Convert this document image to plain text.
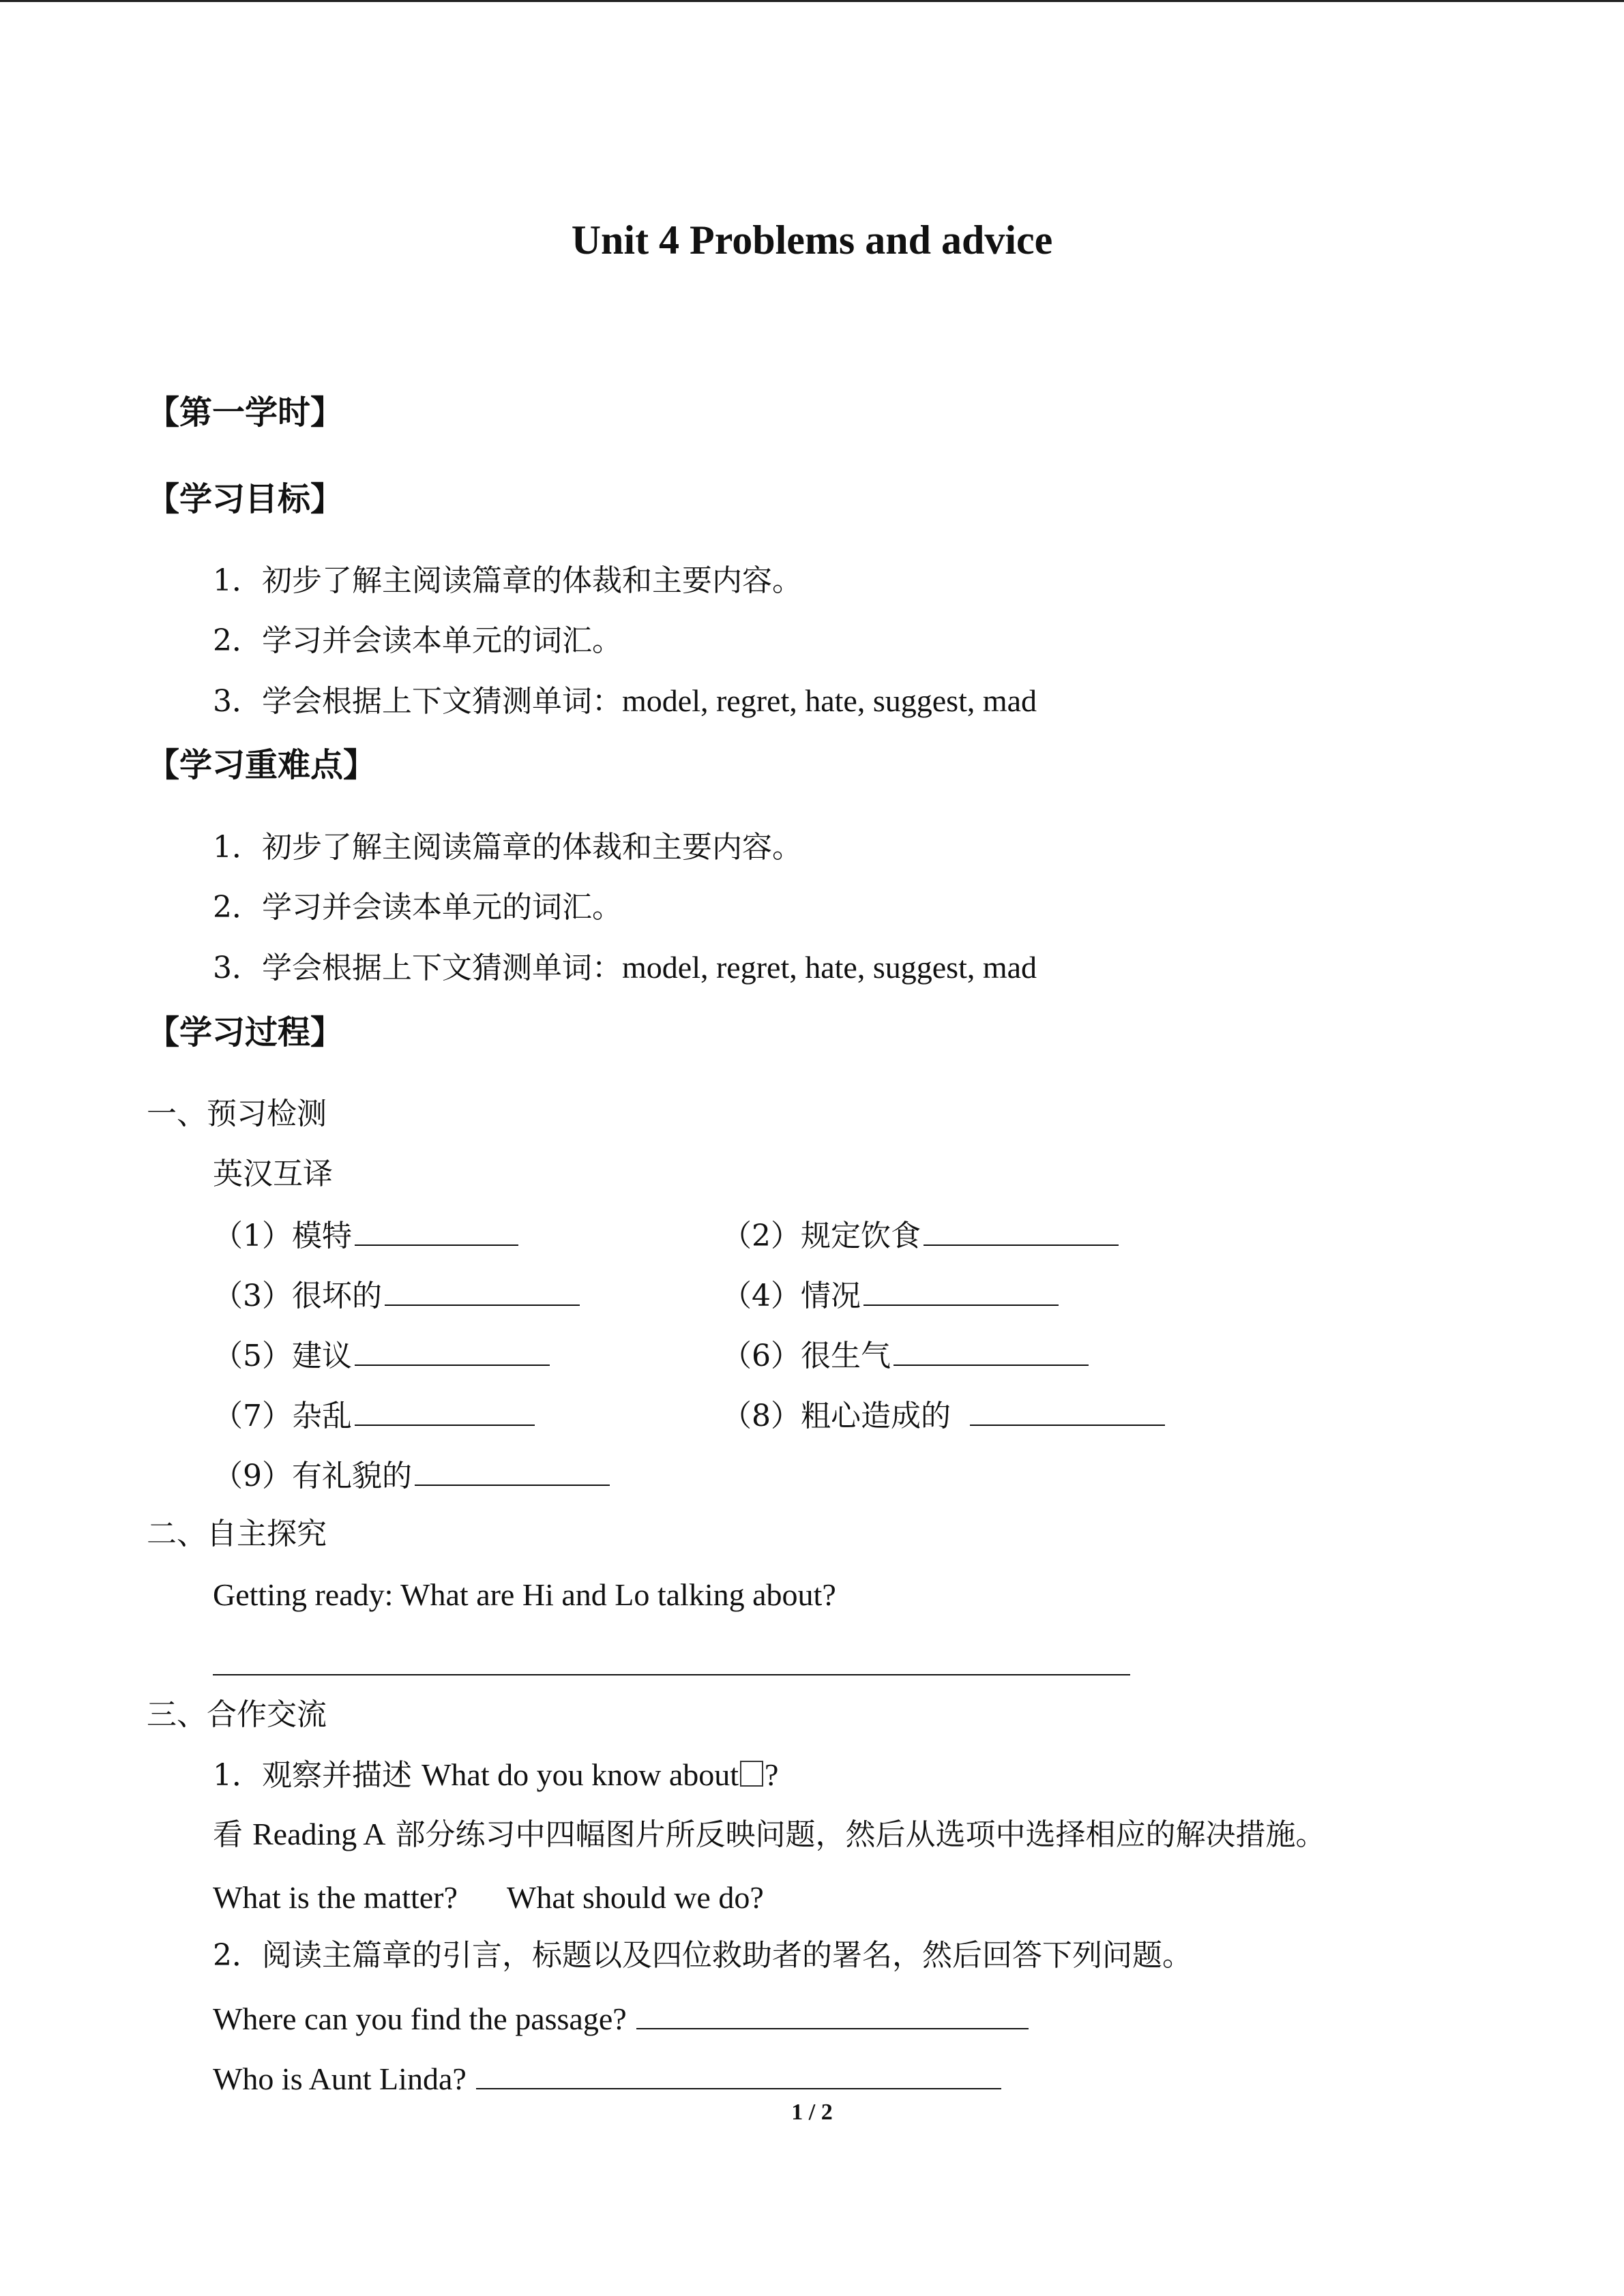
Unit 4 Problems and advice
【第一学时】
【学习目标】
1．初步了解主阅读篇章的体裁和主要内容。
2．学习并会读本单元的词汇。
3．学会根据上下文猜测单词：model, regret, hate, suggest, mad
【学习重难点】
1．初步了解主阅读篇章的体裁和主要内容。
2．学习并会读本单元的词汇。
3．学会根据上下文猜测单词：model, regret, hate, suggest, mad
【学习过程】
一、预习检测
英汉互译
（1）模特	（2）规定饮食
（3）很坏的	（4）情况
（5）建议	（6）很生气
（7）杂乱	（8）粗心造成的
（9）有礼貌的
二、自主探究
Getting ready: What are Hi and Lo talking about?
三、合作交流
1．观察并描述 What do you know about ?
看 Reading A 部分练习中四幅图片所反映问题，然后从选项中选择相应的解决措施。
What is the matter? What should we do?
2．阅读主篇章的引言，标题以及四位救助者的署名，然后回答下列问题。
Where can you find the passage?
Who is Aunt Linda?
1 / 2
